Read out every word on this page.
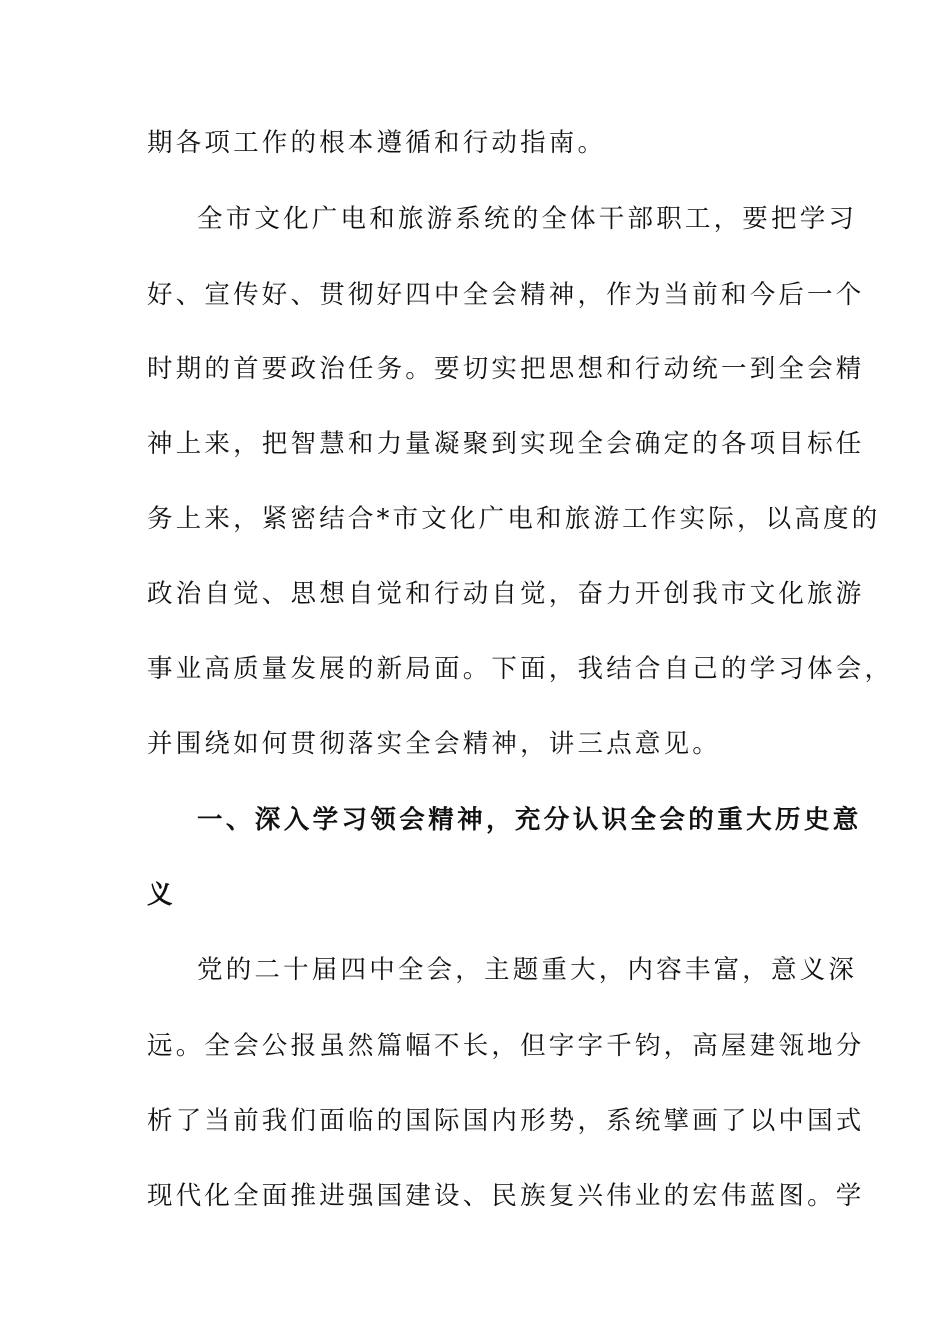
期各项工作的根本遵循和行动指南。
全市文化广电和旅游系统的全体干部职工，要把学习
好、宣传好、贯彻好四中全会精神，作为当前和今后一个
时期的首要政治任务。要切实把思想和行动统一到全会精
神上来，把智慧和力量凝聚到实现全会确定的各项目标任
务上来，紧密结合*市文化广电和旅游工作实际，以高度的
政治自觉、思想自觉和行动自觉，奋力开创我市文化旅游
事业高质量发展的新局面。下面，我结合自己的学习体会，
并围绕如何贯彻落实全会精神，讲三点意见。
一、深入学习领会精神，充分认识全会的重大历史意
义
党的二十届四中全会，主题重大，内容丰富，意义深
远。全会公报虽然篇幅不长，但字字千钧，高屋建瓴地分
析了当前我们面临的国际国内形势，系统擘画了以中国式
现代化全面推进强国建设、民族复兴伟业的宏伟蓝图。学
